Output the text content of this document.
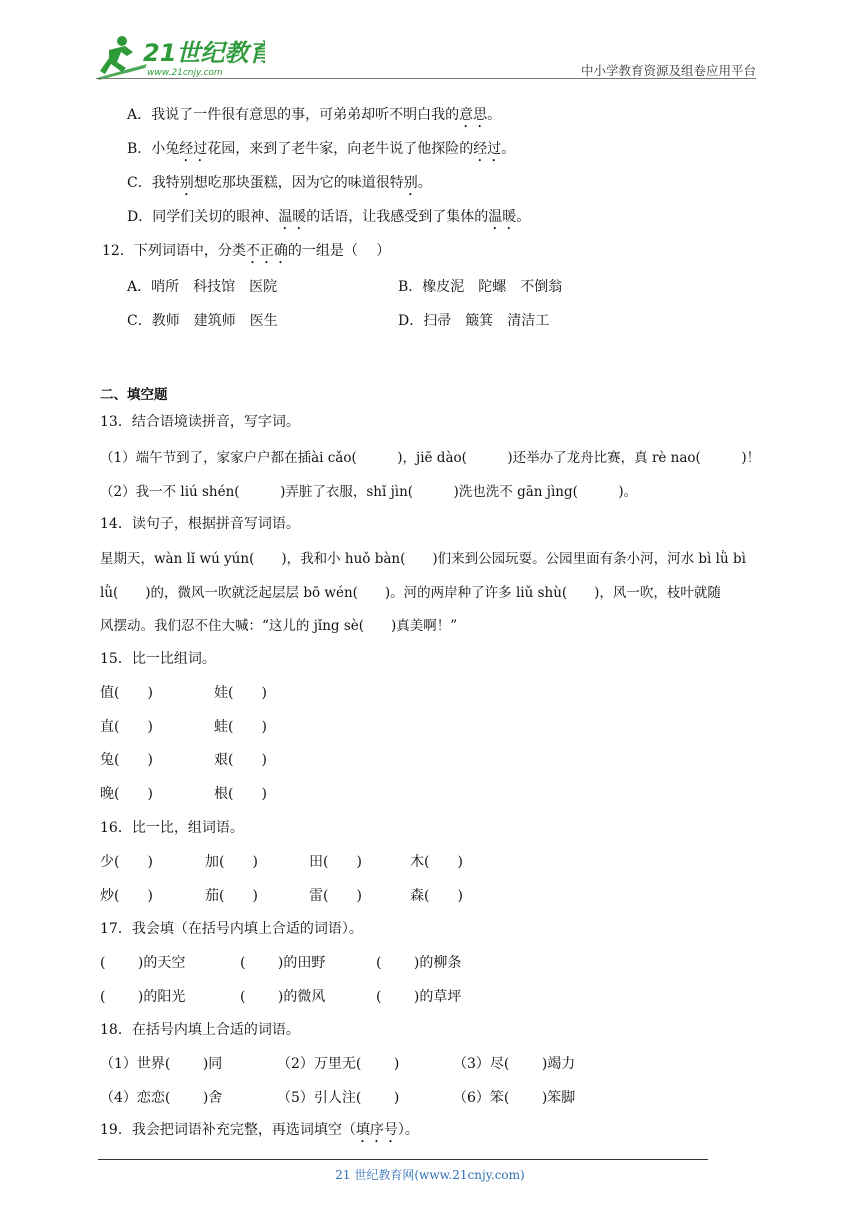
21世纪教育
www.21cnjy.com	中小学教育资源及组卷应用平台
A．我说了一件很有意思的事，可弟弟却听不明白我的意思。
B．小兔经过花园，来到了老牛家，向老牛说了他探险的经过。
C．我特别想吃那块蛋糕，因为它的味道很特别。
D．同学们关切的眼神、温暖的话语，让我感受到了集体的温暖。
12．下列词语中，分类不正确的一组是（　 ）
A．哨所　科技馆　医院	B．橡皮泥　陀螺　不倒翁
C．教师　建筑师　医生	D．扫帚　簸箕　清洁工
二、填空题
13．结合语境读拼音，写字词。
（1）端午节到了，家家户户都在插ài cǎo(　　　)，jiē dào(　　　)还举办了龙舟比赛，真 rè nao(　　　)！
（2）我一不 liú shén(　　　)弄脏了衣服，shǐ jìn(　　　)洗也洗不 gān jìng(　　　)。
14．读句子，根据拼音写词语。
星期天，wàn lǐ wú yún(　　)，我和小 huǒ bàn(　　)们来到公园玩耍。公园里面有条小河，河水 bì lǜ bì
lǜ(　　)的，微风一吹就泛起层层 bō wén(　　)。河的两岸种了许多 liǔ shù(　　)，风一吹，枝叶就随
风摆动。我们忍不住大喊：“这儿的 jǐng sè(　　)真美啊！”
15．比一比组词。
值(　　)	娃(　　)
直(　　)	蛙(　　)
兔(　　)	艰(　　)
晚(　　)	根(　　)
16．比一比，组词语。
少(　　)	加(　　)	田(　　)	木(　　)
炒(　　)	茄(　　)	雷(　　)	森(　　)
17．我会填（在括号内填上合适的词语）。
(　　 )的天空	(　　 )的田野	(　　 )的柳条
(　　 )的阳光	(　　 )的微风	(　　 )的草坪
18．在括号内填上合适的词语。
（1）世界(　　 )同	（2）万里无(　　 )	（3）尽(　　 )竭力
（4）恋恋(　　 )舍	（5）引人注(　　 )	（6）笨(　　 )笨脚
19．我会把词语补充完整，再选词填空（填序号）。
21 世纪教育网(www.21cnjy.com)
